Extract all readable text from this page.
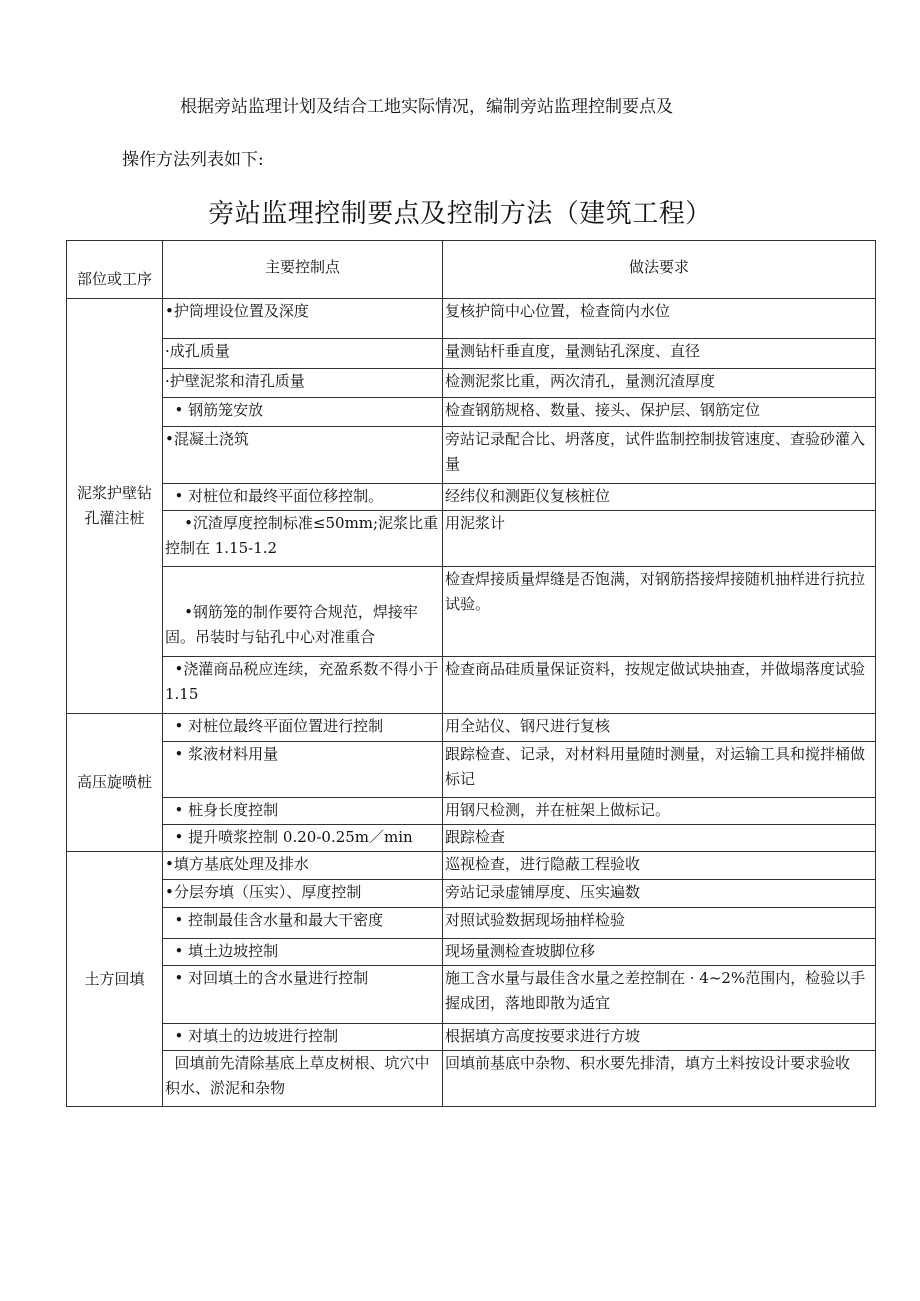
根据旁站监理计划及结合工地实际情况，编制旁站监理控制要点及
操作方法列表如下:
旁站监理控制要点及控制方法（建筑工程）
部位或工序	主要控制点	做法要求
泥浆护壁钻孔灌注桩	•护筒埋设位置及深度	复核护筒中心位置，检查筒内水位
	·成孔质量	量测钻杆垂直度，量测钻孔深度、直径
	·护壁泥浆和清孔质量	检测泥浆比重，两次清孔，量测沉渣厚度
	• 钢筋笼安放	检查钢筋规格、数量、接头、保护层、钢筋定位
	•混凝土浇筑	旁站记录配合比、坍落度，试件监制控制拔管速度、查验砂灌入量
	• 对桩位和最终平面位移控制。	经纬仪和测距仪复核桩位
	•沉渣厚度控制标准≤50mm;泥浆比重控制在 1.15-1.2	用泥浆计
	•钢筋笼的制作要符合规范，焊接牢固。吊装时与钻孔中心对准重合	检查焊接质量焊缝是否饱满，对钢筋搭接焊接随机抽样进行抗拉试验。
	•浇灌商品税应连续，充盈系数不得小于 1.15	检查商品硅质量保证资料，按规定做试块抽查，并做塌落度试验
高压旋喷桩	• 对桩位最终平面位置进行控制	用全站仪、钢尺进行复核
	• 浆液材料用量	跟踪检查、记录，对材料用量随时测量，对运输工具和搅拌桶做标记
	• 桩身长度控制	用钢尺检测，并在桩架上做标记。
	• 提升喷浆控制 0.20-0.25m／min	跟踪检查
土方回填	•填方基底处理及排水	巡视检查，进行隐蔽工程验收
	•分层夯填（压实）、厚度控制	旁站记录虚铺厚度、压实遍数
	• 控制最佳含水量和最大干密度	对照试验数据现场抽样检验
	• 填土边坡控制	现场量测检查坡脚位移
	• 对回填土的含水量进行控制	施工含水量与最佳含水量之差控制在 · 4~2%范围内，检验以手握成团，落地即散为适宜
	• 对填土的边坡进行控制	根据填方高度按要求进行方坡
	回填前先清除基底上草皮树根、坑穴中积水、淤泥和杂物	回填前基底中杂物、积水要先排清，填方土料按设计要求验收
